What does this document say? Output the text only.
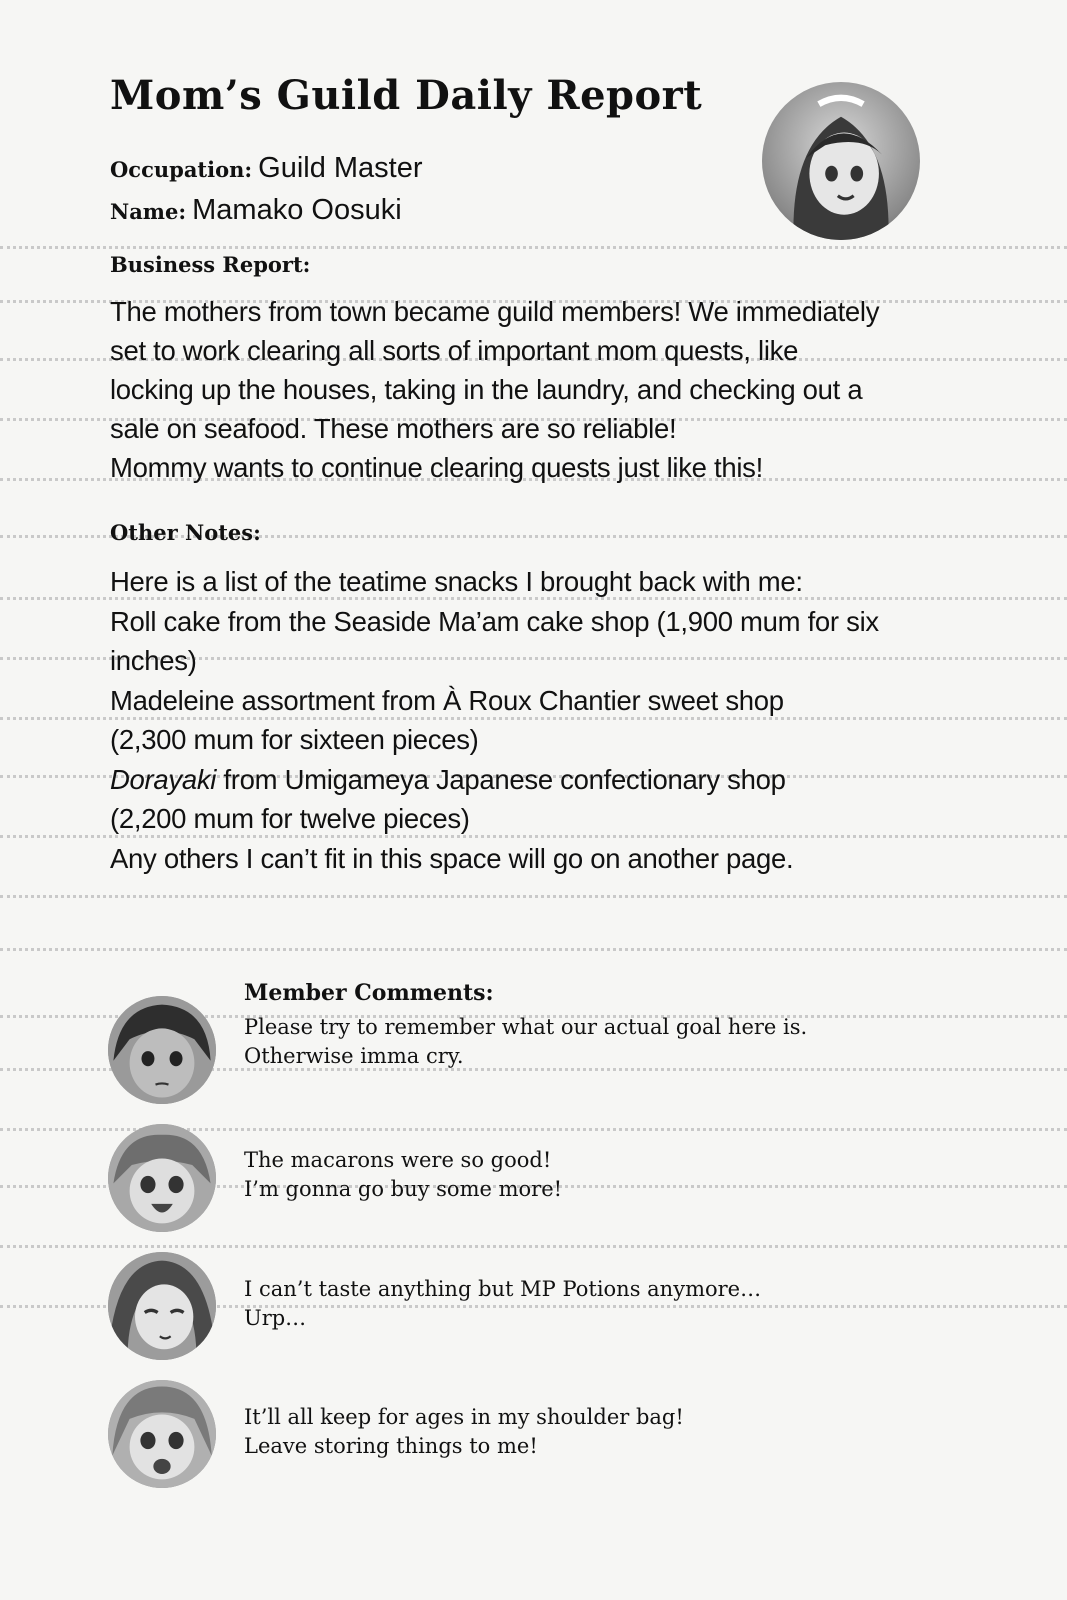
Mom’s Guild Daily Report
Occupation: Guild Master
Name: Mamako Oosuki
Business Report:
The mothers from town became guild members! We immediately
set to work clearing all sorts of important mom quests, like
locking up the houses, taking in the laundry, and checking out a
sale on seafood. These mothers are so reliable!
Mommy wants to continue clearing quests just like this!
Other Notes:
Here is a list of the teatime snacks I brought back with me:
Roll cake from the Seaside Ma’am cake shop (1,900 mum for six
inches)
Madeleine assortment from À Roux Chantier sweet shop
(2,300 mum for sixteen pieces)
Dorayaki from Umigameya Japanese confectionary shop
(2,200 mum for twelve pieces)
Any others I can’t fit in this space will go on another page.
Member Comments:
Please try to remember what our actual goal here is.
Otherwise imma cry.
The macarons were so good!
I’m gonna go buy some more!
I can’t taste anything but MP Potions anymore…
Urp…
It’ll all keep for ages in my shoulder bag!
Leave storing things to me!
